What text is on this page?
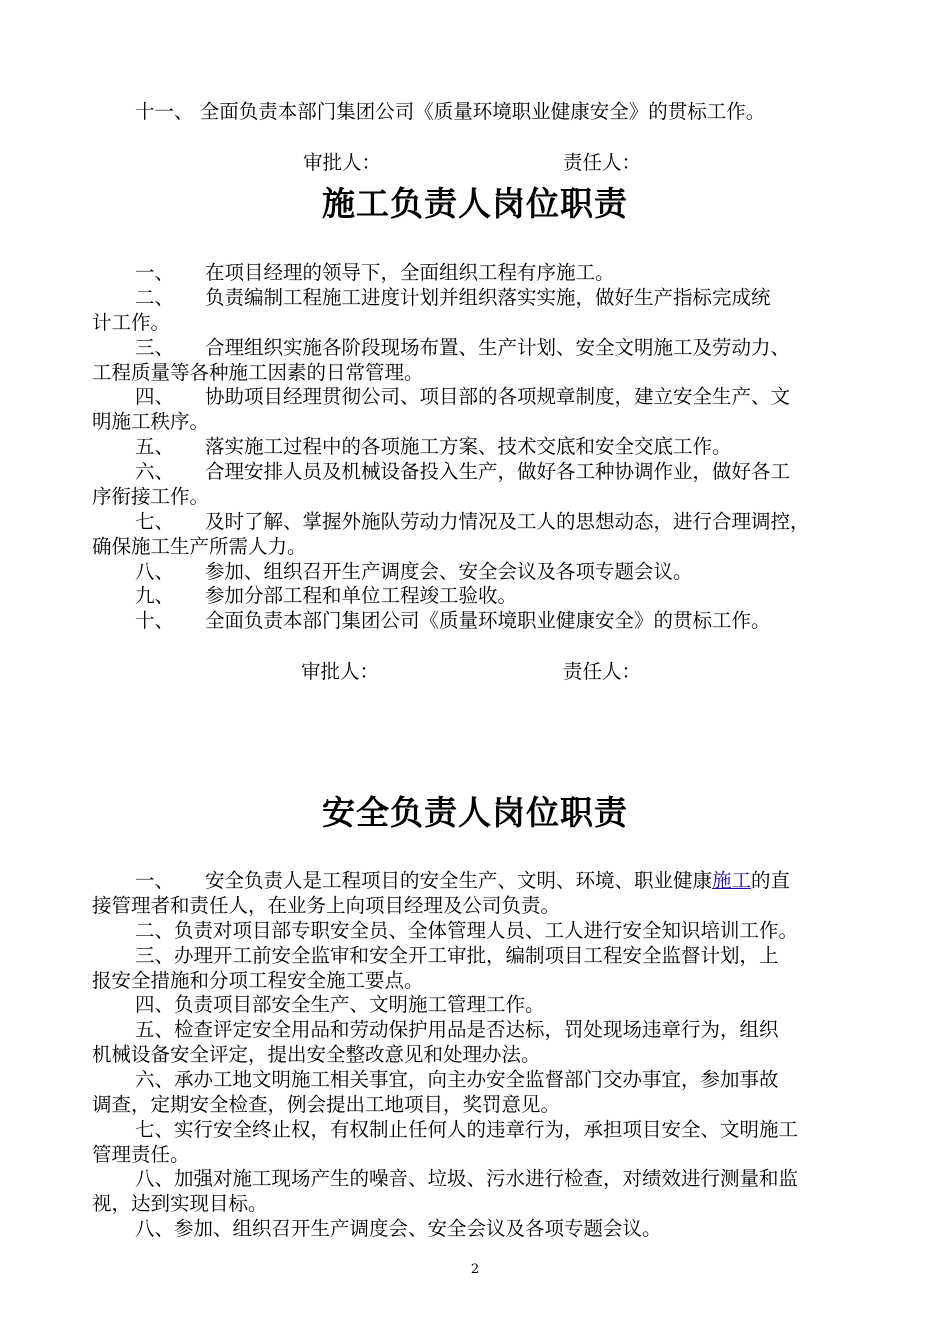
十一、 全面负责本部门集团公司《质量环境职业健康安全》的贯标工作。
审批人：	责任人：
施工负责人岗位职责
一、 在项目经理的领导下，全面组织工程有序施工。
二、 负责编制工程施工进度计划并组织落实实施，做好生产指标完成统
计工作。
三、 合理组织实施各阶段现场布置、生产计划、安全文明施工及劳动力、
工程质量等各种施工因素的日常管理。
四、 协助项目经理贯彻公司、项目部的各项规章制度，建立安全生产、文
明施工秩序。
五、 落实施工过程中的各项施工方案、技术交底和安全交底工作。
六、 合理安排人员及机械设备投入生产，做好各工种协调作业，做好各工
序衔接工作。
七、 及时了解、掌握外施队劳动力情况及工人的思想动态，进行合理调控，
确保施工生产所需人力。
八、 参加、组织召开生产调度会、安全会议及各项专题会议。
九、 参加分部工程和单位工程竣工验收。
十、 全面负责本部门集团公司《质量环境职业健康安全》的贯标工作。
审批人：	责任人：
安全负责人岗位职责
一、 安全负责人是工程项目的安全生产、文明、环境、职业健康施工的直
接管理者和责任人，在业务上向项目经理及公司负责。
二、负责对项目部专职安全员、全体管理人员、工人进行安全知识培训工作。
三、办理开工前安全监审和安全开工审批，编制项目工程安全监督计划，上
报安全措施和分项工程安全施工要点。
四、负责项目部安全生产、文明施工管理工作。
五、检查评定安全用品和劳动保护用品是否达标，罚处现场违章行为，组织
机械设备安全评定，提出安全整改意见和处理办法。
六、承办工地文明施工相关事宜，向主办安全监督部门交办事宜，参加事故
调查，定期安全检查，例会提出工地项目，奖罚意见。
七、实行安全终止权，有权制止任何人的违章行为，承担项目安全、文明施工
管理责任。
八、加强对施工现场产生的噪音、垃圾、污水进行检查，对绩效进行测量和监
视，达到实现目标。
八、参加、组织召开生产调度会、安全会议及各项专题会议。
2
